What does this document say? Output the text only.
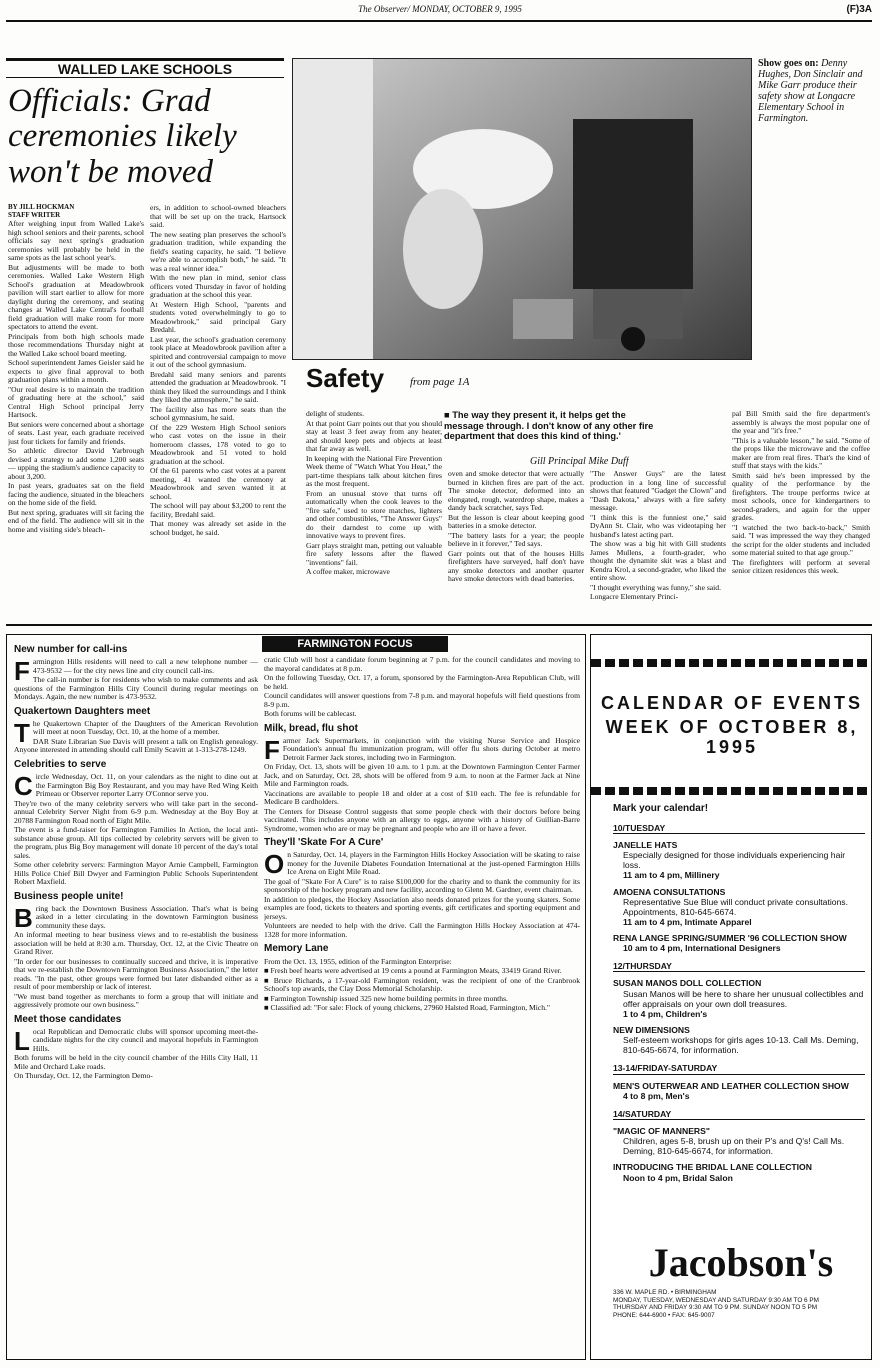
The Observer/ MONDAY, OCTOBER 9, 1995	(F)3A
WALLED LAKE SCHOOLS
Officials: Grad ceremonies likely won't be moved
BY JILL HOCKMAN
STAFF WRITER

After weighing input from Walled Lake's high school seniors and their parents, school officials say next spring's graduation ceremonies will probably be held in the same spots as the last school year's.

But adjustments will be made to both ceremonies. Walled Lake Western High School's graduation at Meadowbrook pavilion will start earlier to allow for more daylight during the ceremony, and seating changes at Walled Lake Central's football field graduation will make room for more spectators to attend the event.

Principals from both high schools made those recommendations Thursday night at the Walled Lake school board meeting.

School superintendent James Geisler said he expects to give final approval to both graduation plans within a month.

"Our real desire is to maintain the tradition of graduating here at the school," said Central High School principal Jerry Hartsock.

But seniors were concerned about a shortage of seats. Last year, each graduate received just four tickets for family and friends.

So athletic director David Yarbrough devised a strategy to add some 1,200 seats — upping the stadium's audience capacity to about 3,200.

In past years, graduates sat on the field facing the audience, situated in the bleachers on the home side of the field.

But next spring, graduates will sit facing the end of the field. The audience will sit in the home and visiting side's bleach-

ers, in addition to school-owned bleachers that will be set up on the track, Hartsock said.

The new seating plan preserves the school's graduation tradition, while expanding the field's seating capacity, he said. "I believe we're able to accomplish both," he said. "It was a real winner idea."

With the new plan in mind, senior class officers voted Thursday in favor of holding graduation at the school this year.

At Western High School, "parents and students voted overwhelmingly to go to Meadowbrook," said principal Gary Bredahl.

Last year, the school's graduation ceremony took place at Meadowbrook pavilion after a spirited and controversial campaign to move it out of the school gymnasium.

Bredahl said many seniors and parents attended the graduation at Meadowbrook. "I think they liked the surroundings and I think they liked the atmosphere," he said.

The facility also has more seats than the school gymnasium, he said.

Of the 229 Western High School seniors who cast votes on the issue in their homeroom classes, 178 voted to go to Meadowbrook and 51 voted to hold graduation at the school.

Of the 61 parents who cast votes at a parent meeting, 41 wanted the ceremony at Meadowbrook and seven wanted it at school.

The school will pay about $3,200 to rent the facility, Bredahl said.

That money was already set aside in the school budget, he said.

Show goes on: Denny Hughes, Don Sinclair and Mike Garr produce their safety show at Longacre Elementary School in Farmington.
Safety from page 1A

delight of students.

At that point Garr points out that you should stay at least 3 feet away from any heater, and should keep pets and objects at least that far away as well.

In keeping with the National Fire Prevention Week theme of "Watch What You Heat," the part-time thespians talk about kitchen fires as the most frequent.

From an unusual stove that turns off automatically when the cook leaves to the "fire safe," used to store matches, lighters and other combustibles, "The Answer Guys" do their darndest to come up with innovative ways to prevent fires.

Garr plays straight man, petting out valuable fire safety lessons after the flawed "inventions" fail.

A coffee maker, microwave

■ The way they present it, it helps get the message through. I don't know of any other fire department that does this kind of thing.'
Gill Principal Mike Duff

oven and smoke detector that were actually burned in kitchen fires are part of the act. The smoke detector, deformed into an elongated, rough, waterdrop shape, makes a dandy back scratcher, says Ted.

But the lesson is clear about keeping good batteries in a smoke detector.

"The battery lasts for a year; the people believe in it forever," Ted says.

Garr points out that of the houses Hills firefighters have surveyed, half don't have any smoke detectors and another quarter have smoke detectors with dead batteries.

"The Answer Guys" are the latest production in a long line of successful shows that featured "Gadget the Clown" and "Dash Dakota," always with a fire safety message.

"I think this is the funniest one," said DyAnn St. Clair, who was videotaping her husband's latest acting part.

The show was a big hit with Gill students James Mullens, a fourth-grader, who thought the dynamite skit was a blast and Kendra Krol, a second-grader, who liked the entire show.

"I thought everything was funny," she said.

Longacre Elementary Princi-

pal Bill Smith said the fire department's assembly is always the most popular one of the year and "it's free."

"This is a valuable lesson," he said. "Some of the props like the microwave and the coffee maker are from real fires. That's the kind of stuff that stays with the kids."

Smith said he's been impressed by the quality of the performance by the firefighters. The troupe performs twice at most schools, once for kindergartners to second-graders, and again for the upper grades.

"I watched the two back-to-back," Smith said. "I was impressed the way they changed the script for the older students and included some material suited to that age group."

The firefighters will perform at several senior citizen residences this week.

FARMINGTON FOCUS
New number for call-ins

Farmington Hills residents will need to call a new telephone number — 473-9532 — for the city news line and city council call-ins.

The call-in number is for residents who wish to make comments and ask questions of the Farmington Hills City Council during regular meetings on Mondays. Again, the new number is 473-9532.

Quakertown Daughters meet

The Quakertown Chapter of the Daughters of the American Revolution will meet at noon Tuesday, Oct. 10, at the home of a member.

DAR State Librarian Sue Davis will present a talk on English genealogy. Anyone interested in attending should call Emily Scavitt at 1-313-278-1249.

Celebrities to serve

Circle Wednesday, Oct. 11, on your calendars as the night to dine out at the Farmington Big Boy Restaurant, and you may have Red Wing Keith Primeau or Observer reporter Larry O'Connor serve you.

They're two of the many celebrity servers who will take part in the second-annual Celebrity Server Night from 6-9 p.m. Wednesday at the Boy Boy at 20788 Farmington Road north of Eight Mile.

The event is a fund-raiser for Farmington Families In Action, the local anti-substance abuse group. All tips collected by celebrity servers will be given to the program, plus Big Boy management will donate 10 percent of the day's total sales.

Some other celebrity servers: Farmington Mayor Arnie Campbell, Farmington Hills Police Chief Bill Dwyer and Farmington Public Schools Superintendent Robert Maxfield.

Business people unite!

Bring back the Downtown Business Association. That's what is being asked in a letter circulating in the downtown Farmington business community these days.

An informal meeting to hear business views and to re-establish the business association will be held at 8:30 a.m. Thursday, Oct. 12, at the Civic Theatre on Grand River.

"In order for our businesses to continually succeed and thrive, it is imperative that we re-establish the Downtown Farmington Business Association," the letter reads. "In the past, other groups were formed but later disbanded either as a result of poor membership or lack of interest.

"We must band together as merchants to form a group that will initiate and aggressively promote our own business."

Meet those candidates

Local Republican and Democratic clubs will sponsor upcoming meet-the-candidate nights for the city council and mayoral hopefuls in Farmington Hills.

Both forums will be held in the city council chamber of the Hills City Hall, 11 Mile and Orchard Lake roads.

On Thursday, Oct. 12, the Farmington Demo-

cratic Club will host a candidate forum beginning at 7 p.m. for the council candidates and moving to the mayoral candidates at 8 p.m.

On the following Tuesday, Oct. 17, a forum, sponsored by the Farmington-Area Republican Club, will be held.

Council candidates will answer questions from 7-8 p.m. and mayoral hopefuls will field questions from 8-9 p.m.

Both forums will be cablecast.

Milk, bread, flu shot

Farmer Jack Supermarkets, in conjunction with the visiting Nurse Service and Hospice Foundation's annual flu immunization program, will offer flu shots during October at metro Detroit Farmer Jack stores, including two in Farmington.

On Friday, Oct. 13, shots will be given 10 a.m. to 1 p.m. at the Downtown Farmington Center Farmer Jack, and on Saturday, Oct. 28, shots will be offered from 9 a.m. to noon at the Farmer Jack at Nine Mile and Farmington roads.

Vaccinations are available to people 18 and older at a cost of $10 each. The fee is refundable for Medicare B cardholders.

The Centers for Disease Control suggests that some people check with their doctors before being vaccinated. This includes anyone with an allergy to eggs, anyone with a history of Guillian-Barre Syndrome, women who are or may be pregnant and people who are ill or have a fever.

They'll 'Skate For A Cure'

On Saturday, Oct. 14, players in the Farmington Hills Hockey Association will be skating to raise money for the Juvenile Diabetes Foundation International at the just-opened Farmington Hills Ice Arena on Eight Mile Road.

The goal of "Skate For A Cure" is to raise $100,000 for the charity and to thank the community for its sponsorship of the hockey program and new facility, according to Glenn M. Gardner, event chairman.

In addition to pledges, the Hockey Association also needs donated prizes for the young skaters. Some examples are food, tickets to theaters and sporting events, gift certificates and sporting equipment and jerseys.

Volunteers are needed to help with the drive. Call the Farmington Hills Hockey Association at 474-1328 for more information.

Memory Lane

From the Oct. 13, 1955, edition of the Farmington Enterprise:

■ Fresh beef hearts were advertised at 19 cents a pound at Farmington Meats, 33419 Grand River.

■ Bruce Richards, a 17-year-old Farmington resident, was the recipient of one of the Cranbrook School's top awards, the Clay Doss Memorial Scholarship.

■ Farmington Township issued 325 new home building permits in three months.

■ Classified ad: "For sale: Flock of young chickens, 27960 Halsted Road, Farmington, Mich."

CALENDAR OF EVENTS
WEEK OF OCTOBER 8, 1995
Mark your calendar!
10/TUESDAY
JANELLE HATS
Especially designed for those individuals experiencing hair loss.
11 am to 4 pm, Millinery
AMOENA CONSULTATIONS
Representative Sue Blue will conduct private consultations. Appointments, 810-645-6674.
11 am to 4 pm, Intimate Apparel
RENA LANGE SPRING/SUMMER '96 COLLECTION SHOW
10 am to 4 pm, International Designers
12/THURSDAY
SUSAN MANOS DOLL COLLECTION
Susan Manos will be here to share her unusual collectibles and offer appraisals on your own doll treasures.
1 to 4 pm, Children's
NEW DIMENSIONS
Self-esteem workshops for girls ages 10-13. Call Ms. Deming, 810-645-6674, for information.
13-14/FRIDAY-SATURDAY
MEN'S OUTERWEAR AND LEATHER COLLECTION SHOW
4 to 8 pm, Men's
14/SATURDAY
"MAGIC OF MANNERS"
Children, ages 5-8, brush up on their P's and Q's! Call Ms. Deming, 810-645-6674, for information.
INTRODUCING THE BRIDAL LANE COLLECTION
Noon to 4 pm, Bridal Salon
Jacobson's
336 W. MAPLE RD. • BIRMINGHAM
MONDAY, TUESDAY, WEDNESDAY AND SATURDAY 9:30 AM TO 6 PM
THURSDAY AND FRIDAY 9:30 AM TO 9 PM. SUNDAY NOON TO 5 PM
PHONE: 644-6900 • FAX: 645-9007
